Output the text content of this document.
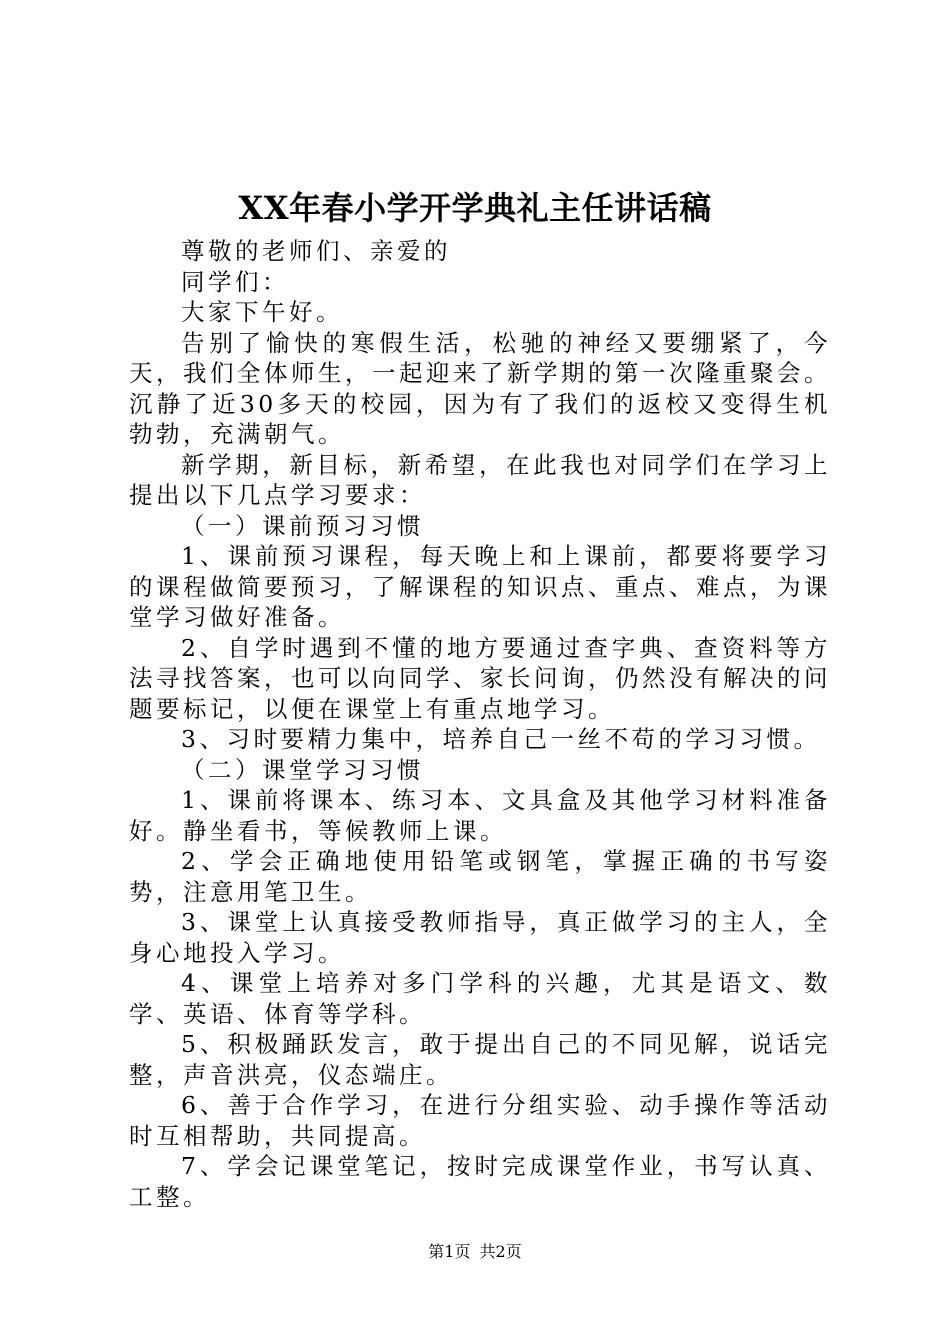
XX年春小学开学典礼主任讲话稿

尊敬的老师们、亲爱的

同学们：

大家下午好。

告别了愉快的寒假生活，松驰的神经又要绷紧了，今天，我们全体师生，一起迎来了新学期的第一次隆重聚会。沉静了近30多天的校园，因为有了我们的返校又变得生机勃勃，充满朝气。

新学期，新目标，新希望，在此我也对同学们在学习上提出以下几点学习要求：

（一）课前预习习惯

1、课前预习课程，每天晚上和上课前，都要将要学习的课程做简要预习，了解课程的知识点、重点、难点，为课堂学习做好准备。

2、自学时遇到不懂的地方要通过查字典、查资料等方法寻找答案，也可以向同学、家长问询，仍然没有解决的问题要标记，以便在课堂上有重点地学习。

3、习时要精力集中，培养自己一丝不苟的学习习惯。

（二）课堂学习习惯

1、课前将课本、练习本、文具盒及其他学习材料准备好。静坐看书，等候教师上课。

2、学会正确地使用铅笔或钢笔，掌握正确的书写姿势，注意用笔卫生。

3、课堂上认真接受教师指导，真正做学习的主人，全身心地投入学习。

4、课堂上培养对多门学科的兴趣，尤其是语文、数学、英语、体育等学科。

5、积极踊跃发言，敢于提出自己的不同见解，说话完整，声音洪亮，仪态端庄。

6、善于合作学习，在进行分组实验、动手操作等活动时互相帮助，共同提高。

7、学会记课堂笔记，按时完成课堂作业，书写认真、工整。

第1页 共2页
